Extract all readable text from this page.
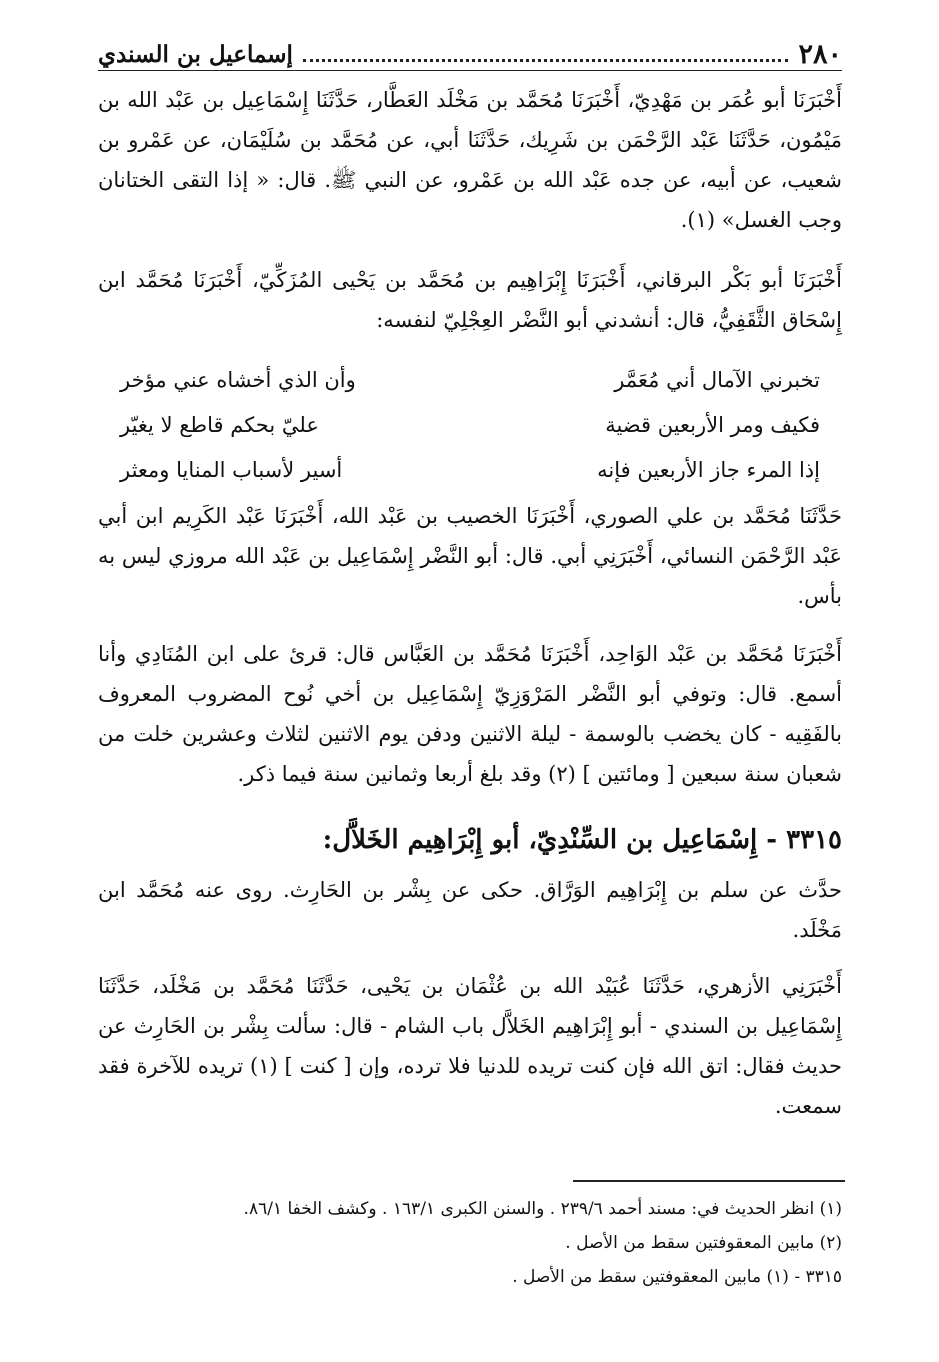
٢٨٠
إسماعيل بن السندي
أَخْبَرَنَا أبو عُمَر بن مَهْدِيّ، أَخْبَرَنَا مُحَمَّد بن مَخْلَد العَطَّار، حَدَّثَنَا إِسْمَاعِيل بن عَبْد الله بن مَيْمُون، حَدَّثَنَا عَبْد الرَّحْمَن بن شَرِيك، حَدَّثَنَا أبي، عن مُحَمَّد بن سُلَيْمَان، عن عَمْرو بن شعيب، عن أبيه، عن جده عَبْد الله بن عَمْرو، عن النبي ﷺ. قال: « إذا التقى الختانان وجب الغسل» (١).
أَخْبَرَنَا أبو بَكْر البرقاني، أَخْبَرَنَا إِبْرَاهِيم بن مُحَمَّد بن يَحْيى المُزَكِّيّ، أَخْبَرَنَا مُحَمَّد ابن إِسْحَاق الثَّقَفِيُّ، قال: أنشدني أبو النَّضْر العِجْلِيّ لنفسه:
تخبرني الآمال أني مُعَمَّر
وأن الذي أخشاه عني مؤخر
فكيف ومر الأربعين قضية
عليّ بحكم قاطع لا يغيّر
إذا المرء جاز الأربعين فإنه
أسير لأسباب المنايا ومعثر
حَدَّثَنَا مُحَمَّد بن علي الصوري، أَخْبَرَنَا الخصيب بن عَبْد الله، أَخْبَرَنَا عَبْد الكَرِيم ابن أبي عَبْد الرَّحْمَن النسائي، أَخْبَرَنِي أبي. قال: أبو النَّضْر إِسْمَاعِيل بن عَبْد الله مروزي ليس به بأس.
أَخْبَرَنَا مُحَمَّد بن عَبْد الوَاحِد، أَخْبَرَنَا مُحَمَّد بن العَبَّاس قال: قرئ على ابن المُنَادِي وأنا أسمع. قال: وتوفي أبو النَّضْر المَرْوَزِيّ إِسْمَاعِيل بن أخي نُوح المضروب المعروف بالفَقِيه - كان يخضب بالوسمة - ليلة الاثنين ودفن يوم الاثنين لثلاث وعشرين خلت من شعبان سنة سبعين [ ومائتين ] (٢) وقد بلغ أربعا وثمانين سنة فيما ذكر.
٣٣١٥ - إِسْمَاعِيل بن السِّنْدِيّ، أبو إِبْرَاهِيم الخَلاَّل:
حدَّث عن سلم بن إِبْرَاهِيم الوَرَّاق. حكى عن بِشْر بن الحَارِث. روى عنه مُحَمَّد ابن مَخْلَد.
أَخْبَرَنِي الأزهري، حَدَّثَنَا عُبَيْد الله بن عُثْمَان بن يَحْيى، حَدَّثَنَا مُحَمَّد بن مَخْلَد، حَدَّثَنَا إِسْمَاعِيل بن السندي - أبو إِبْرَاهِيم الخَلاَّل باب الشام - قال: سألت بِشْر بن الحَارِث عن حديث فقال: اتق الله فإن كنت تريده للدنيا فلا ترده، وإن [ كنت ] (١) تريده للآخرة فقد سمعت.
(١) انظر الحديث في: مسند أحمد ٢٣٩/٦ . والسنن الكبرى ١٦٣/١ . وكشف الخفا ٨٦/١.
(٢) مابين المعقوفتين سقط من الأصل .
٣٣١٥ - (١) مابين المعقوفتين سقط من الأصل .
